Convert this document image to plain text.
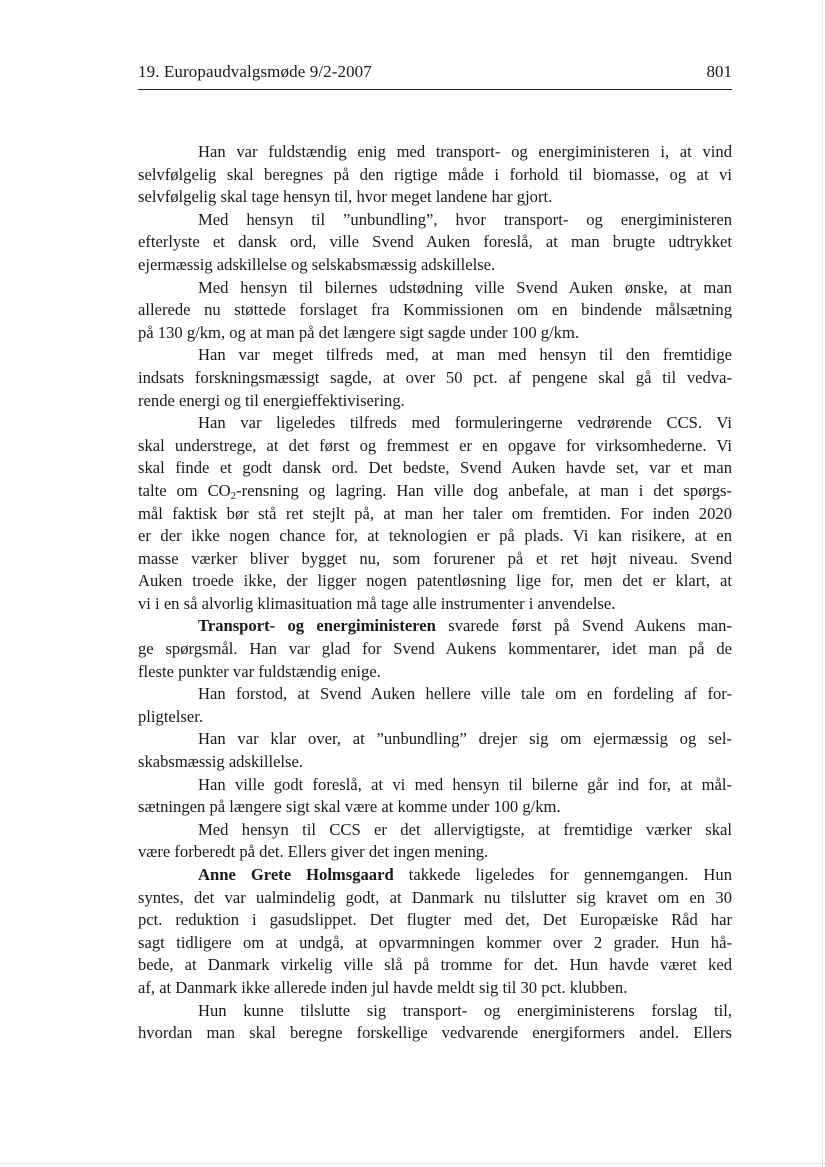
19. Europaudvalgsmøde 9/2-2007	801
Han var fuldstændig enig med transport- og energiministeren i, at vind
selvfølgelig skal beregnes på den rigtige måde i forhold til biomasse, og at vi
selvfølgelig skal tage hensyn til, hvor meget landene har gjort.
Med hensyn til ”unbundling”, hvor transport- og energiministeren
efterlyste et dansk ord, ville Svend Auken foreslå, at man brugte udtrykket
ejermæssig adskillelse og selskabsmæssig adskillelse.
Med hensyn til bilernes udstødning ville Svend Auken ønske, at man
allerede nu støttede forslaget fra Kommissionen om en bindende målsætning
på 130 g/km, og at man på det længere sigt sagde under 100 g/km.
Han var meget tilfreds med, at man med hensyn til den fremtidige
indsats forskningsmæssigt sagde, at over 50 pct. af pengene skal gå til vedva-
rende energi og til energieffektivisering.
Han var ligeledes tilfreds med formuleringerne vedrørende CCS. Vi
skal understrege, at det først og fremmest er en opgave for virksomhederne. Vi
skal finde et godt dansk ord. Det bedste, Svend Auken havde set, var et man
talte om $CO_2$-rensning og lagring. Han ville dog anbefale, at man i det spørgs-
mål faktisk bør stå ret stejlt på, at man her taler om fremtiden. For inden 2020
er der ikke nogen chance for, at teknologien er på plads. Vi kan risikere, at en
masse værker bliver bygget nu, som forurener på et ret højt niveau. Svend
Auken troede ikke, der ligger nogen patentløsning lige for, men det er klart, at
vi i en så alvorlig klimasituation må tage alle instrumenter i anvendelse.
Transport- og energiministeren svarede først på Svend Aukens man-
ge spørgsmål. Han var glad for Svend Aukens kommentarer, idet man på de
fleste punkter var fuldstændig enige.
Han forstod, at Svend Auken hellere ville tale om en fordeling af for-
pligtelser.
Han var klar over, at ”unbundling” drejer sig om ejermæssig og sel-
skabsmæssig adskillelse.
Han ville godt foreslå, at vi med hensyn til bilerne går ind for, at mål-
sætningen på længere sigt skal være at komme under 100 g/km.
Med hensyn til CCS er det allervigtigste, at fremtidige værker skal
være forberedt på det. Ellers giver det ingen mening.
Anne Grete Holmsgaard takkede ligeledes for gennemgangen. Hun
syntes, det var ualmindelig godt, at Danmark nu tilslutter sig kravet om en 30
pct. reduktion i gasudslippet. Det flugter med det, Det Europæiske Råd har
sagt tidligere om at undgå, at opvarmningen kommer over 2 grader. Hun hå-
bede, at Danmark virkelig ville slå på tromme for det. Hun havde været ked
af, at Danmark ikke allerede inden jul havde meldt sig til 30 pct. klubben.
Hun kunne tilslutte sig transport- og energiministerens forslag til,
hvordan man skal beregne forskellige vedvarende energiformers andel. Ellers
